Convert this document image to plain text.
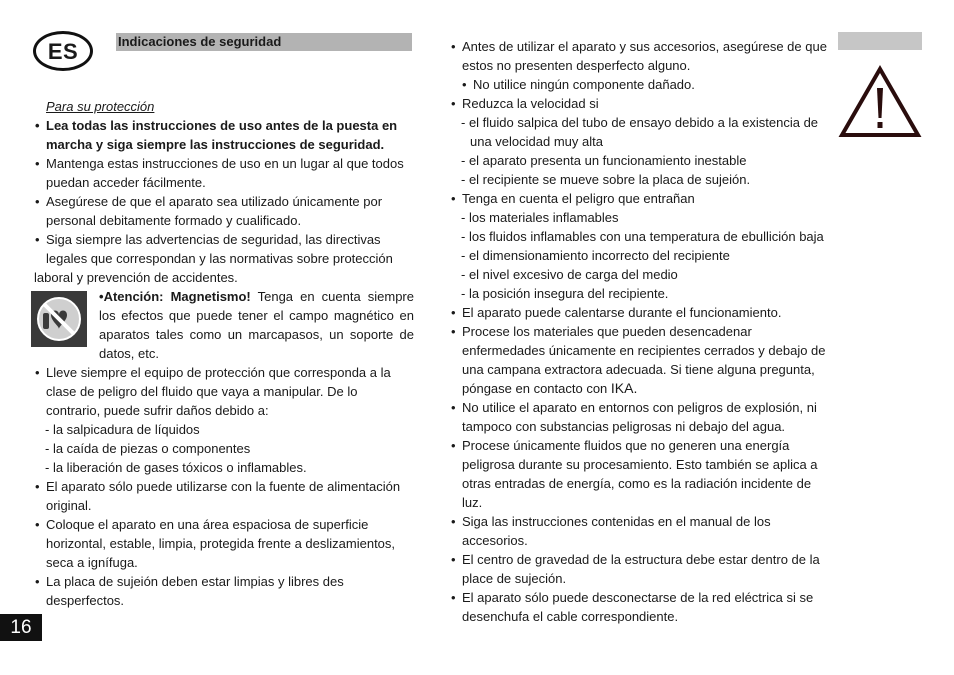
ES	Indicaciones de seguridad
Para su protección
• Lea todas las instrucciones de uso antes de la puesta en marcha y siga siempre las instrucciones de seguridad.
• Mantenga estas instrucciones de uso en un lugar al que todos puedan acceder fácilmente.
• Asegúrese de que el aparato sea utilizado únicamente por personal debitamente formado y cualificado.
• Siga siempre las advertencias de seguridad, las directivas legales que correspondan y las normativas sobre protección
laboral y prevención de accidentes.
• Atención: Magnetismo! Tenga en cuenta siempre los efectos que puede tener el campo magnético en aparatos tales como un marcapasos, un soporte de datos, etc.
• Lleve siempre el equipo de protección que corresponda a la clase de peligro del fluido que vaya a manipular. De lo contrario, puede sufrir daños debido a:
- la salpicadura de líquidos
- la caída de piezas o componentes
- la liberación de gases tóxicos o inflamables.
• El aparato sólo puede utilizarse con la fuente de alimentación original.
• Coloque el aparato en una área espaciosa de superficie horizontal, estable, limpia, protegida frente a deslizamientos, seca a ignífuga.
• La placa de sujeión deben estar limpias y libres des desperfectos.
• Antes de utilizar el aparato y sus accesorios, asegúrese de que estos no presenten desperfecto alguno.
• No utilice ningún componente dañado.
• Reduzca la velocidad si
- el fluido salpica del tubo de ensayo debido a la existencia de una velocidad muy alta
- el aparato presenta un funcionamiento inestable
- el recipiente se mueve sobre la placa de sujeión.
• Tenga en cuenta el peligro que entrañan
- los materiales inflamables
- los fluidos inflamables con una temperatura de ebullición baja
- el dimensionamiento incorrecto del recipiente
- el nivel excesivo de carga del medio
- la posición insegura del recipiente.
• El aparato puede calentarse durante el funcionamiento.
• Procese los materiales que pueden desencadenar enfermedades únicamente en recipientes cerrados y debajo de una campana extractora adecuada. Si tiene alguna pregunta, póngase en contacto con IKA.
• No utilice el aparato en entornos con peligros de explosión, ni tampoco con substancias peligrosas ni debajo del agua.
• Procese únicamente fluidos que no generen una energía peligrosa durante su procesamiento. Esto también se aplica a otras entradas de energía, como es la radiación incidente de luz.
• Siga las instrucciones contenidas en el manual de los accesorios.
• El centro de gravedad de la estructura debe estar dentro de la place de sujeción.
• El aparato sólo puede desconectarse de la red eléctrica si se desenchufa el cable correspondiente.
16
